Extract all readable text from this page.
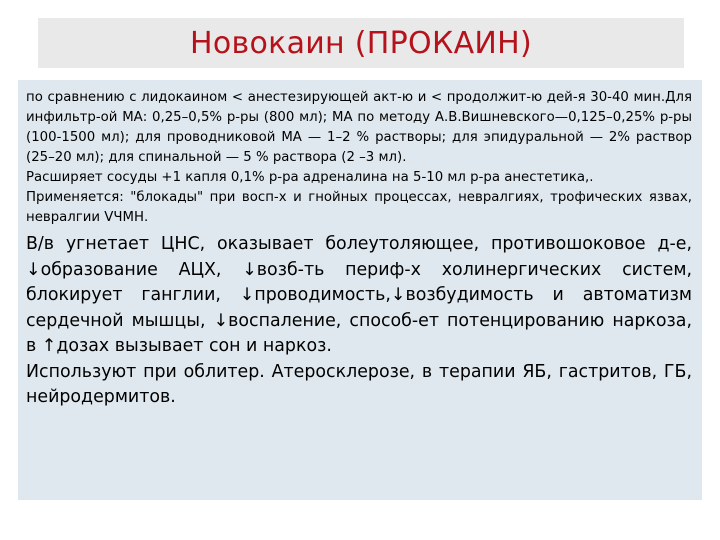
Новокаин (ПРОКАИН)

по сравнению с лидокаином < анестезирующей акт-ю и < продолжит-ю дей-я 30-40 мин.Для инфильтр-ой МА: 0,25–0,5% р-ры (800 мл); МА по методу А.В.Вишневского—0,125–0,25% р-ры (100-1500 мл); для проводниковой МА — 1–2 % растворы; для эпидуральной — 2% раствор (25–20 мл); для спинальной — 5 % раствора (2 –3 мл).

Расширяет сосуды +1 капля 0,1% р-ра адреналина на 5-10 мл р-ра анестетика,.

Применяется: "блокады" при восп-х и гнойных процессах, невралгиях, трофических язвах, невралгии VЧМН.

В/в угнетает ЦНС, оказывает болеутоляющее, противошоковое д-е, ↓образование АЦХ, ↓возб-ть периф-х холинергических систем, блокирует ганглии, ↓проводимость,↓возбудимость и автоматизм сердечной мышцы, ↓воспаление, способ-ет потенцированию наркоза, в ↑дозах вызывает сон и наркоз.

Используют при облитер. Атеросклерозе, в терапии ЯБ, гастритов, ГБ, нейродермитов.
